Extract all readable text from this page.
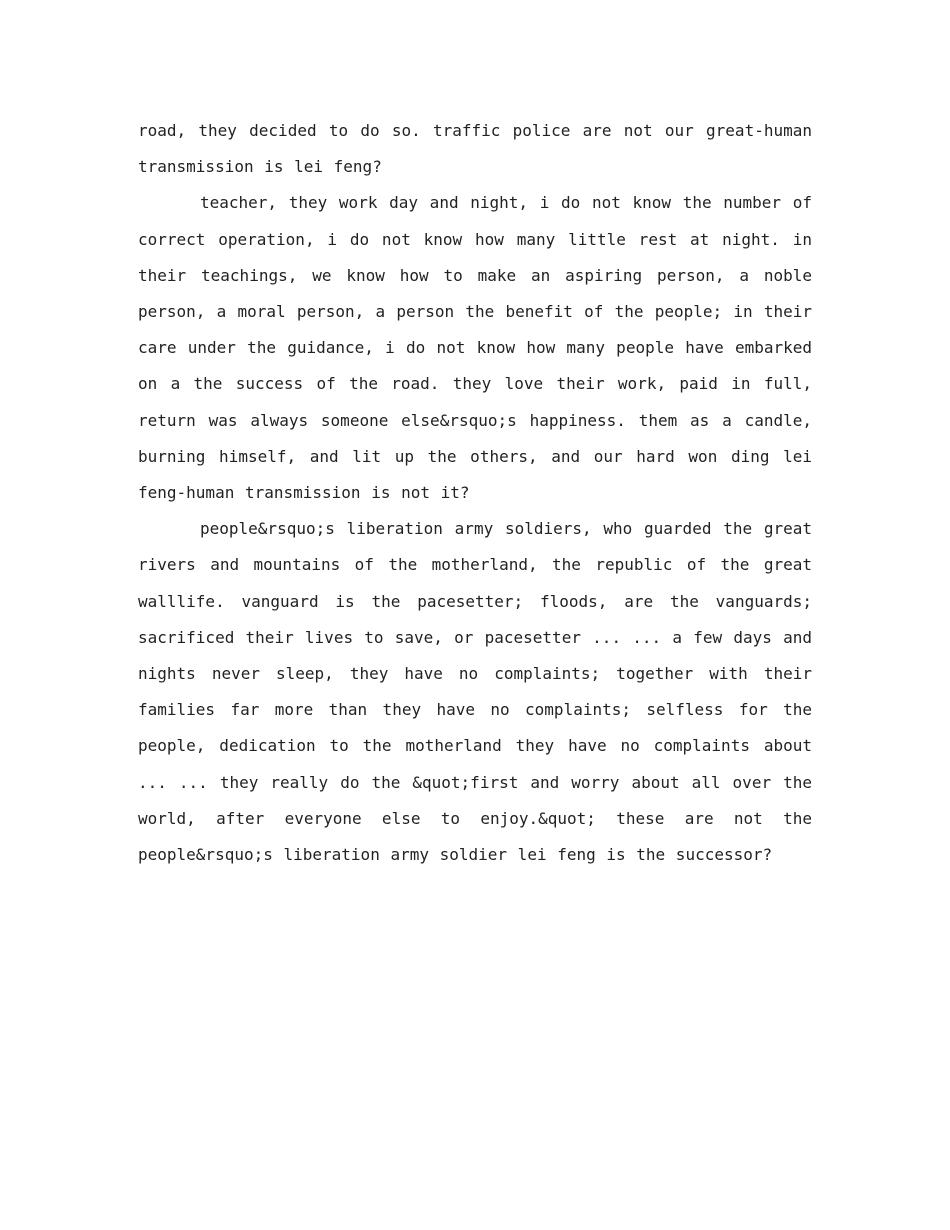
road, they decided to do so. traffic police are not our great-human transmission is lei feng?

teacher, they work day and night, i do not know the number of correct operation, i do not know how many little rest at night. in their teachings, we know how to make an aspiring person, a noble person, a moral person, a person the benefit of the people; in their care under the guidance, i do not know how many people have embarked on a the success of the road. they love their work, paid in full, return was always someone else&rsquo;s happiness. them as a candle, burning himself, and lit up the others, and our hard won ding lei feng-human transmission is not it?

people&rsquo;s liberation army soldiers, who guarded the great rivers and mountains of the motherland, the republic of the great walllife. vanguard is the pacesetter; floods, are the vanguards; sacrificed their lives to save, or pacesetter ... ... a few days and nights never sleep, they have no complaints; together with their families far more than they have no complaints; selfless for the people, dedication to the motherland they have no complaints about ... ... they really do the &quot;first and worry about all over the world, after everyone else to enjoy.&quot; these are not the people&rsquo;s liberation army soldier lei feng is the successor?
